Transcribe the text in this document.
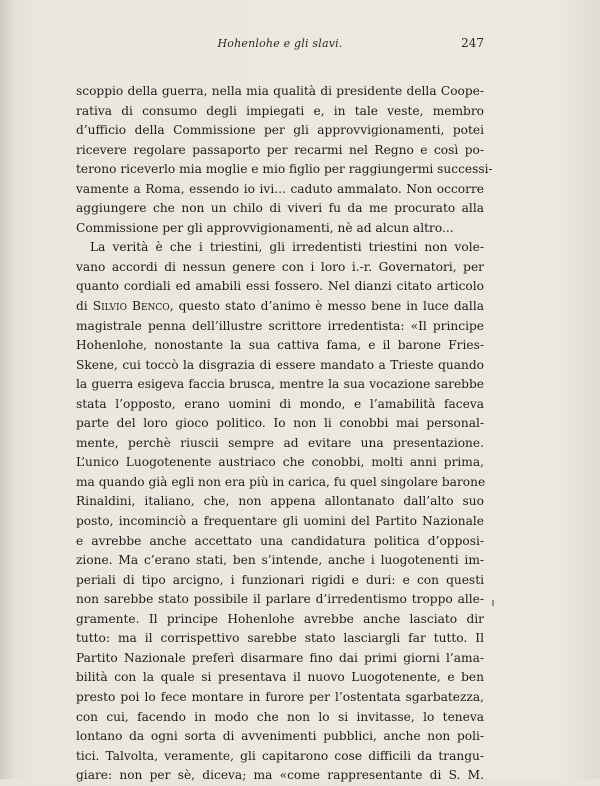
Hohenlohe e gli slavi.	247
scoppio della guerra, nella mia qualità di presidente della Coope-
rativa di consumo degli impiegati e, in tale veste, membro
d’ufficio della Commissione per gli approvvigionamenti, potei
ricevere regolare passaporto per recarmi nel Regno e così po-
terono riceverlo mia moglie e mio figlio per raggiungermi successi-
vamente a Roma, essendo io ivi... caduto ammalato. Non occorre
aggiungere che non un chilo di viveri fu da me procurato alla
Commissione per gli approvvigionamenti, nè ad alcun altro...
La verità è che i triestini, gli irredentisti triestini non vole-
vano accordi di nessun genere con i loro i.-r. Governatori, per
quanto cordiali ed amabili essi fossero. Nel dianzi citato articolo
di Silvio Benco, questo stato d’animo è messo bene in luce dalla
magistrale penna dell’illustre scrittore irredentista: «Il principe
Hohenlohe, nonostante la sua cattiva fama, e il barone Fries-
Skene, cui toccò la disgrazia di essere mandato a Trieste quando
la guerra esigeva faccia brusca, mentre la sua vocazione sarebbe
stata l’opposto, erano uomini di mondo, e l’amabilità faceva
parte del loro gioco politico. Io non li conobbi mai personal-
mente, perchè riuscii sempre ad evitare una presentazione.
L’unico Luogotenente austriaco che conobbi, molti anni prima,
ma quando già egli non era più in carica, fu quel singolare barone
Rinaldini, italiano, che, non appena allontanato dall’alto suo
posto, incominciò a frequentare gli uomini del Partito Nazionale
e avrebbe anche accettato una candidatura politica d’opposi-
zione. Ma c’erano stati, ben s’intende, anche i luogotenenti im-
periali di tipo arcigno, i funzionari rigidi e duri: e con questi
non sarebbe stato possibile il parlare d’irredentismo troppo alle-
gramente. Il principe Hohenlohe avrebbe anche lasciato dir
tutto: ma il corrispettivo sarebbe stato lasciargli far tutto. Il
Partito Nazionale preferì disarmare fino dai primi giorni l’ama-
bilità con la quale si presentava il nuovo Luogotenente, e ben
presto poi lo fece montare in furore per l’ostentata sgarbatezza,
con cui, facendo in modo che non lo si invitasse, lo teneva
lontano da ogni sorta di avvenimenti pubblici, anche non poli-
tici. Talvolta, veramente, gli capitarono cose difficili da trangu-
giare: non per sè, diceva; ma «come rappresentante di S. M.
